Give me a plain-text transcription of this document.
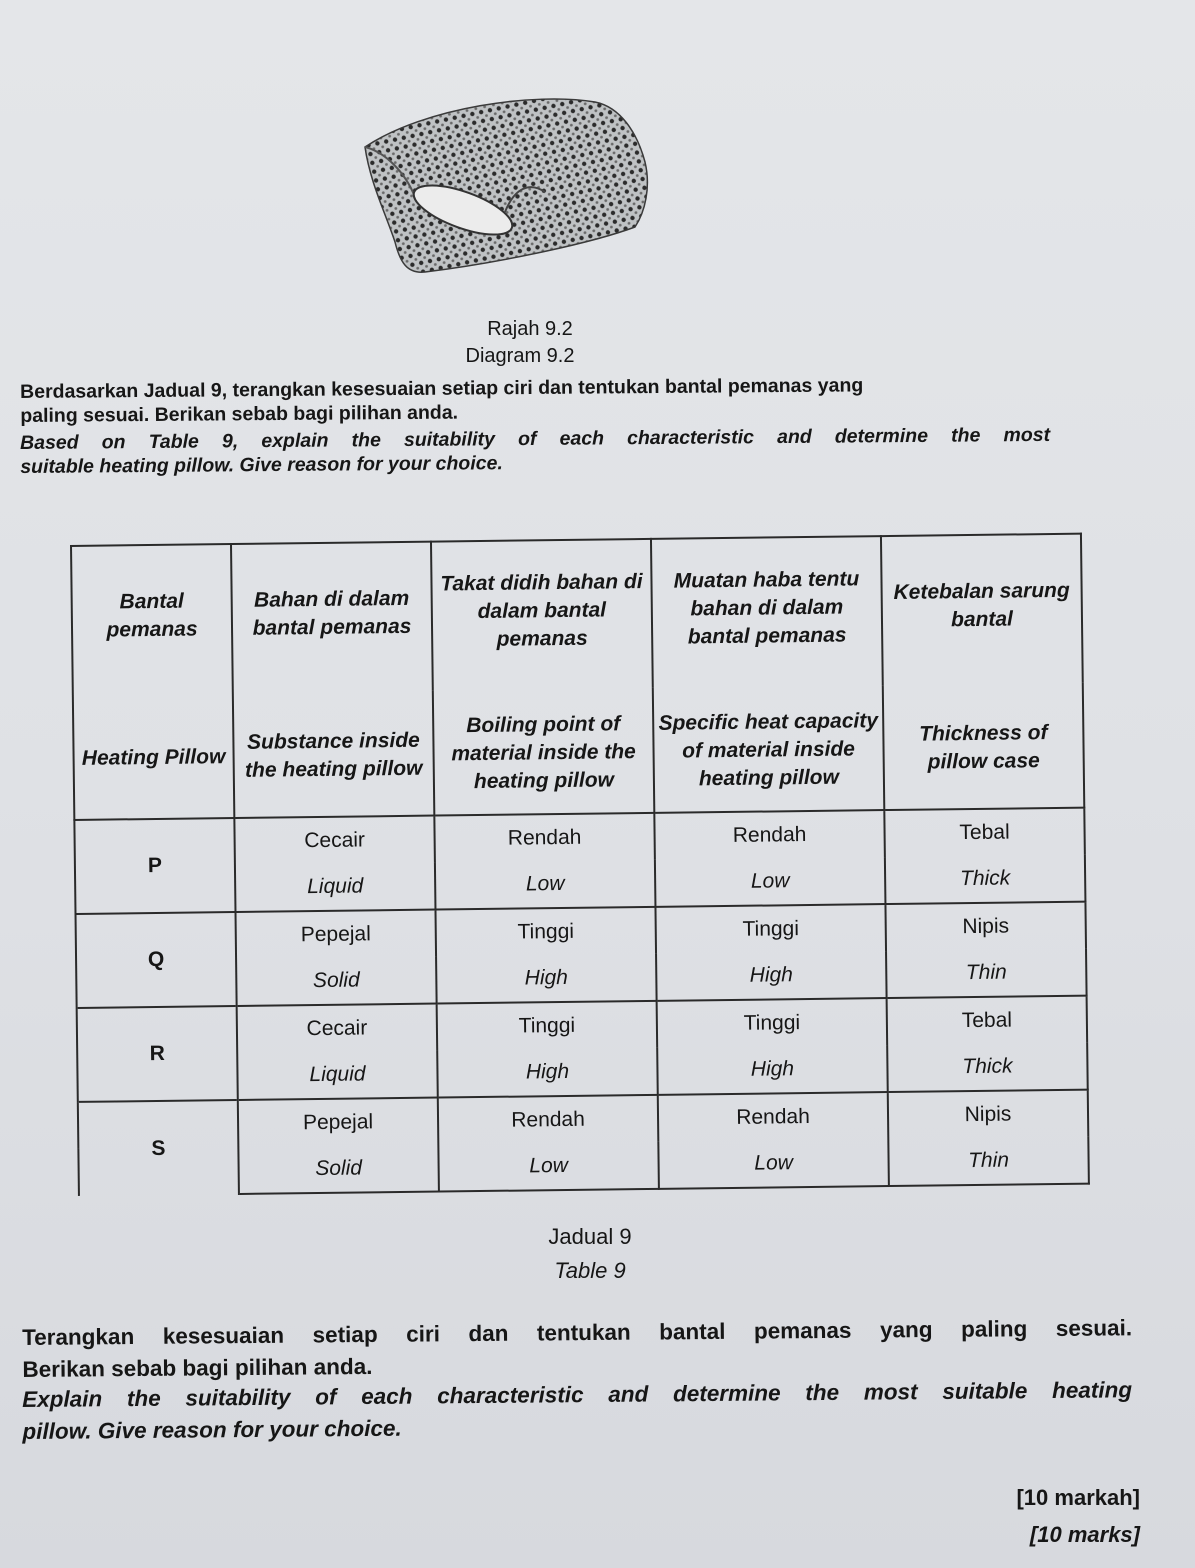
Rajah 9.2
Diagram 9.2
Berdasarkan Jadual 9, terangkan kesesuaian setiap ciri dan tentukan bantal pemanas yang
paling sesuai. Berikan sebab bagi pilihan anda.
Based on Table 9, explain the suitability of each characteristic and determine the most
suitable heating pillow. Give reason for your choice.
Bantal pemanas	Bahan di dalam bantal pemanas	Takat didih bahan di dalam bantal pemanas	Muatan haba tentu bahan di dalam bantal pemanas	Ketebalan sarung bantal
Heating Pillow	Substance inside the heating pillow	Boiling point of material inside the heating pillow	Specific heat capacity of material inside heating pillow	Thickness of pillow case
P	Cecair	Rendah	Rendah	Tebal
	Liquid	Low	Low	Thick
Q	Pepejal	Tinggi	Tinggi	Nipis
	Solid	High	High	Thin
R	Cecair	Tinggi	Tinggi	Tebal
	Liquid	High	High	Thick
S	Pepejal	Rendah	Rendah	Nipis
	Solid	Low	Low	Thin
Jadual 9
Table 9
Terangkan kesesuaian setiap ciri dan tentukan bantal pemanas yang paling sesuai.
Berikan sebab bagi pilihan anda.
Explain the suitability of each characteristic and determine the most suitable heating
pillow. Give reason for your choice.
[10 markah]
[10 marks]
